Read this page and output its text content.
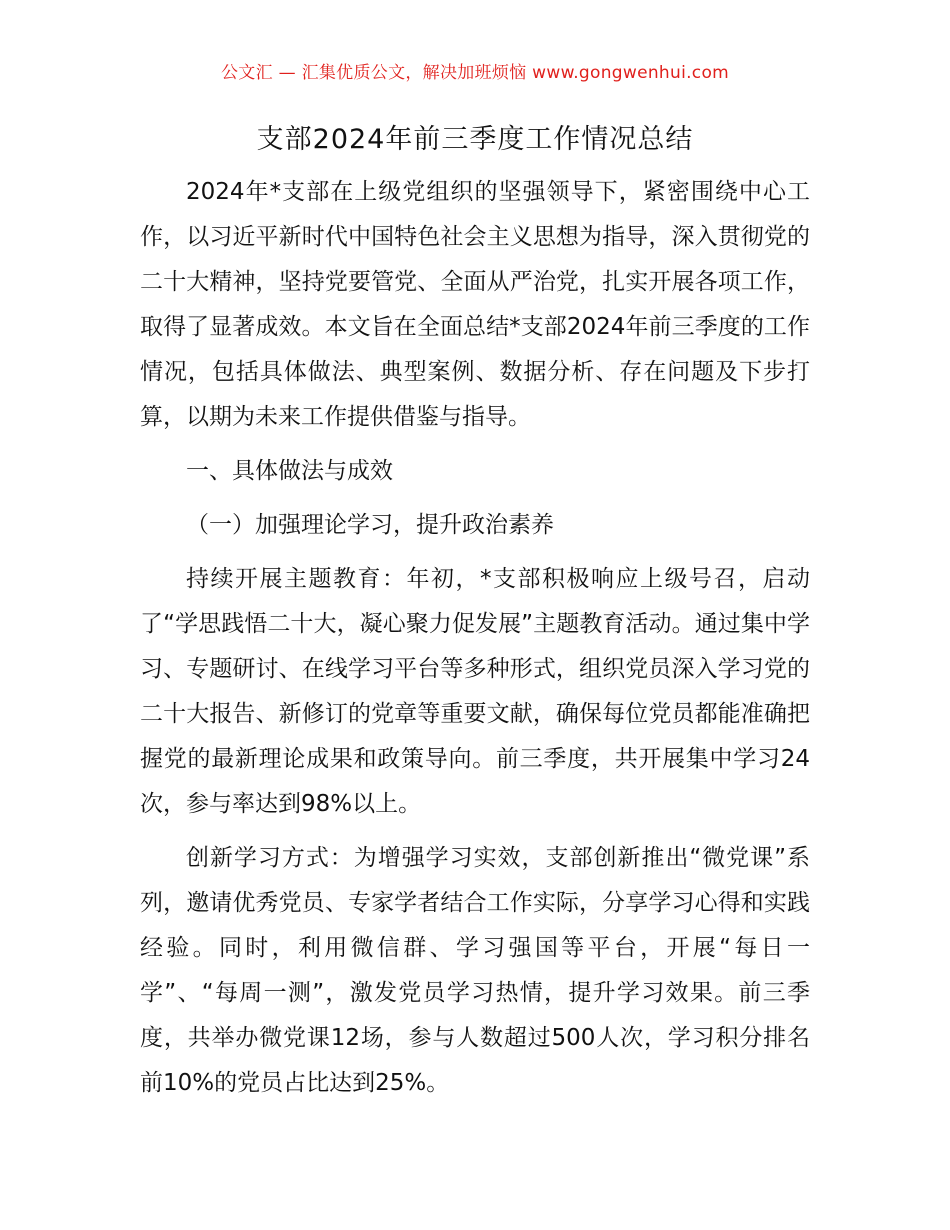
公文汇 — 汇集优质公文，解决加班烦恼 www.gongwenhui.com
支部2024年前三季度工作情况总结

2024年*支部在上级党组织的坚强领导下，紧密围绕中心工作，以习近平新时代中国特色社会主义思想为指导，深入贯彻党的二十大精神，坚持党要管党、全面从严治党，扎实开展各项工作，取得了显著成效。本文旨在全面总结*支部2024年前三季度的工作情况，包括具体做法、典型案例、数据分析、存在问题及下步打算，以期为未来工作提供借鉴与指导。

一、具体做法与成效

（一）加强理论学习，提升政治素养

持续开展主题教育：年初，*支部积极响应上级号召，启动了“学思践悟二十大，凝心聚力促发展”主题教育活动。通过集中学习、专题研讨、在线学习平台等多种形式，组织党员深入学习党的二十大报告、新修订的党章等重要文献，确保每位党员都能准确把握党的最新理论成果和政策导向。前三季度，共开展集中学习24次，参与率达到98%以上。

创新学习方式：为增强学习实效，支部创新推出“微党课”系列，邀请优秀党员、专家学者结合工作实际，分享学习心得和实践经验。同时，利用微信群、学习强国等平台，开展“每日一学”、“每周一测”，激发党员学习热情，提升学习效果。前三季度，共举办微党课12场，参与人数超过500人次，学习积分排名前10%的党员占比达到25%。
